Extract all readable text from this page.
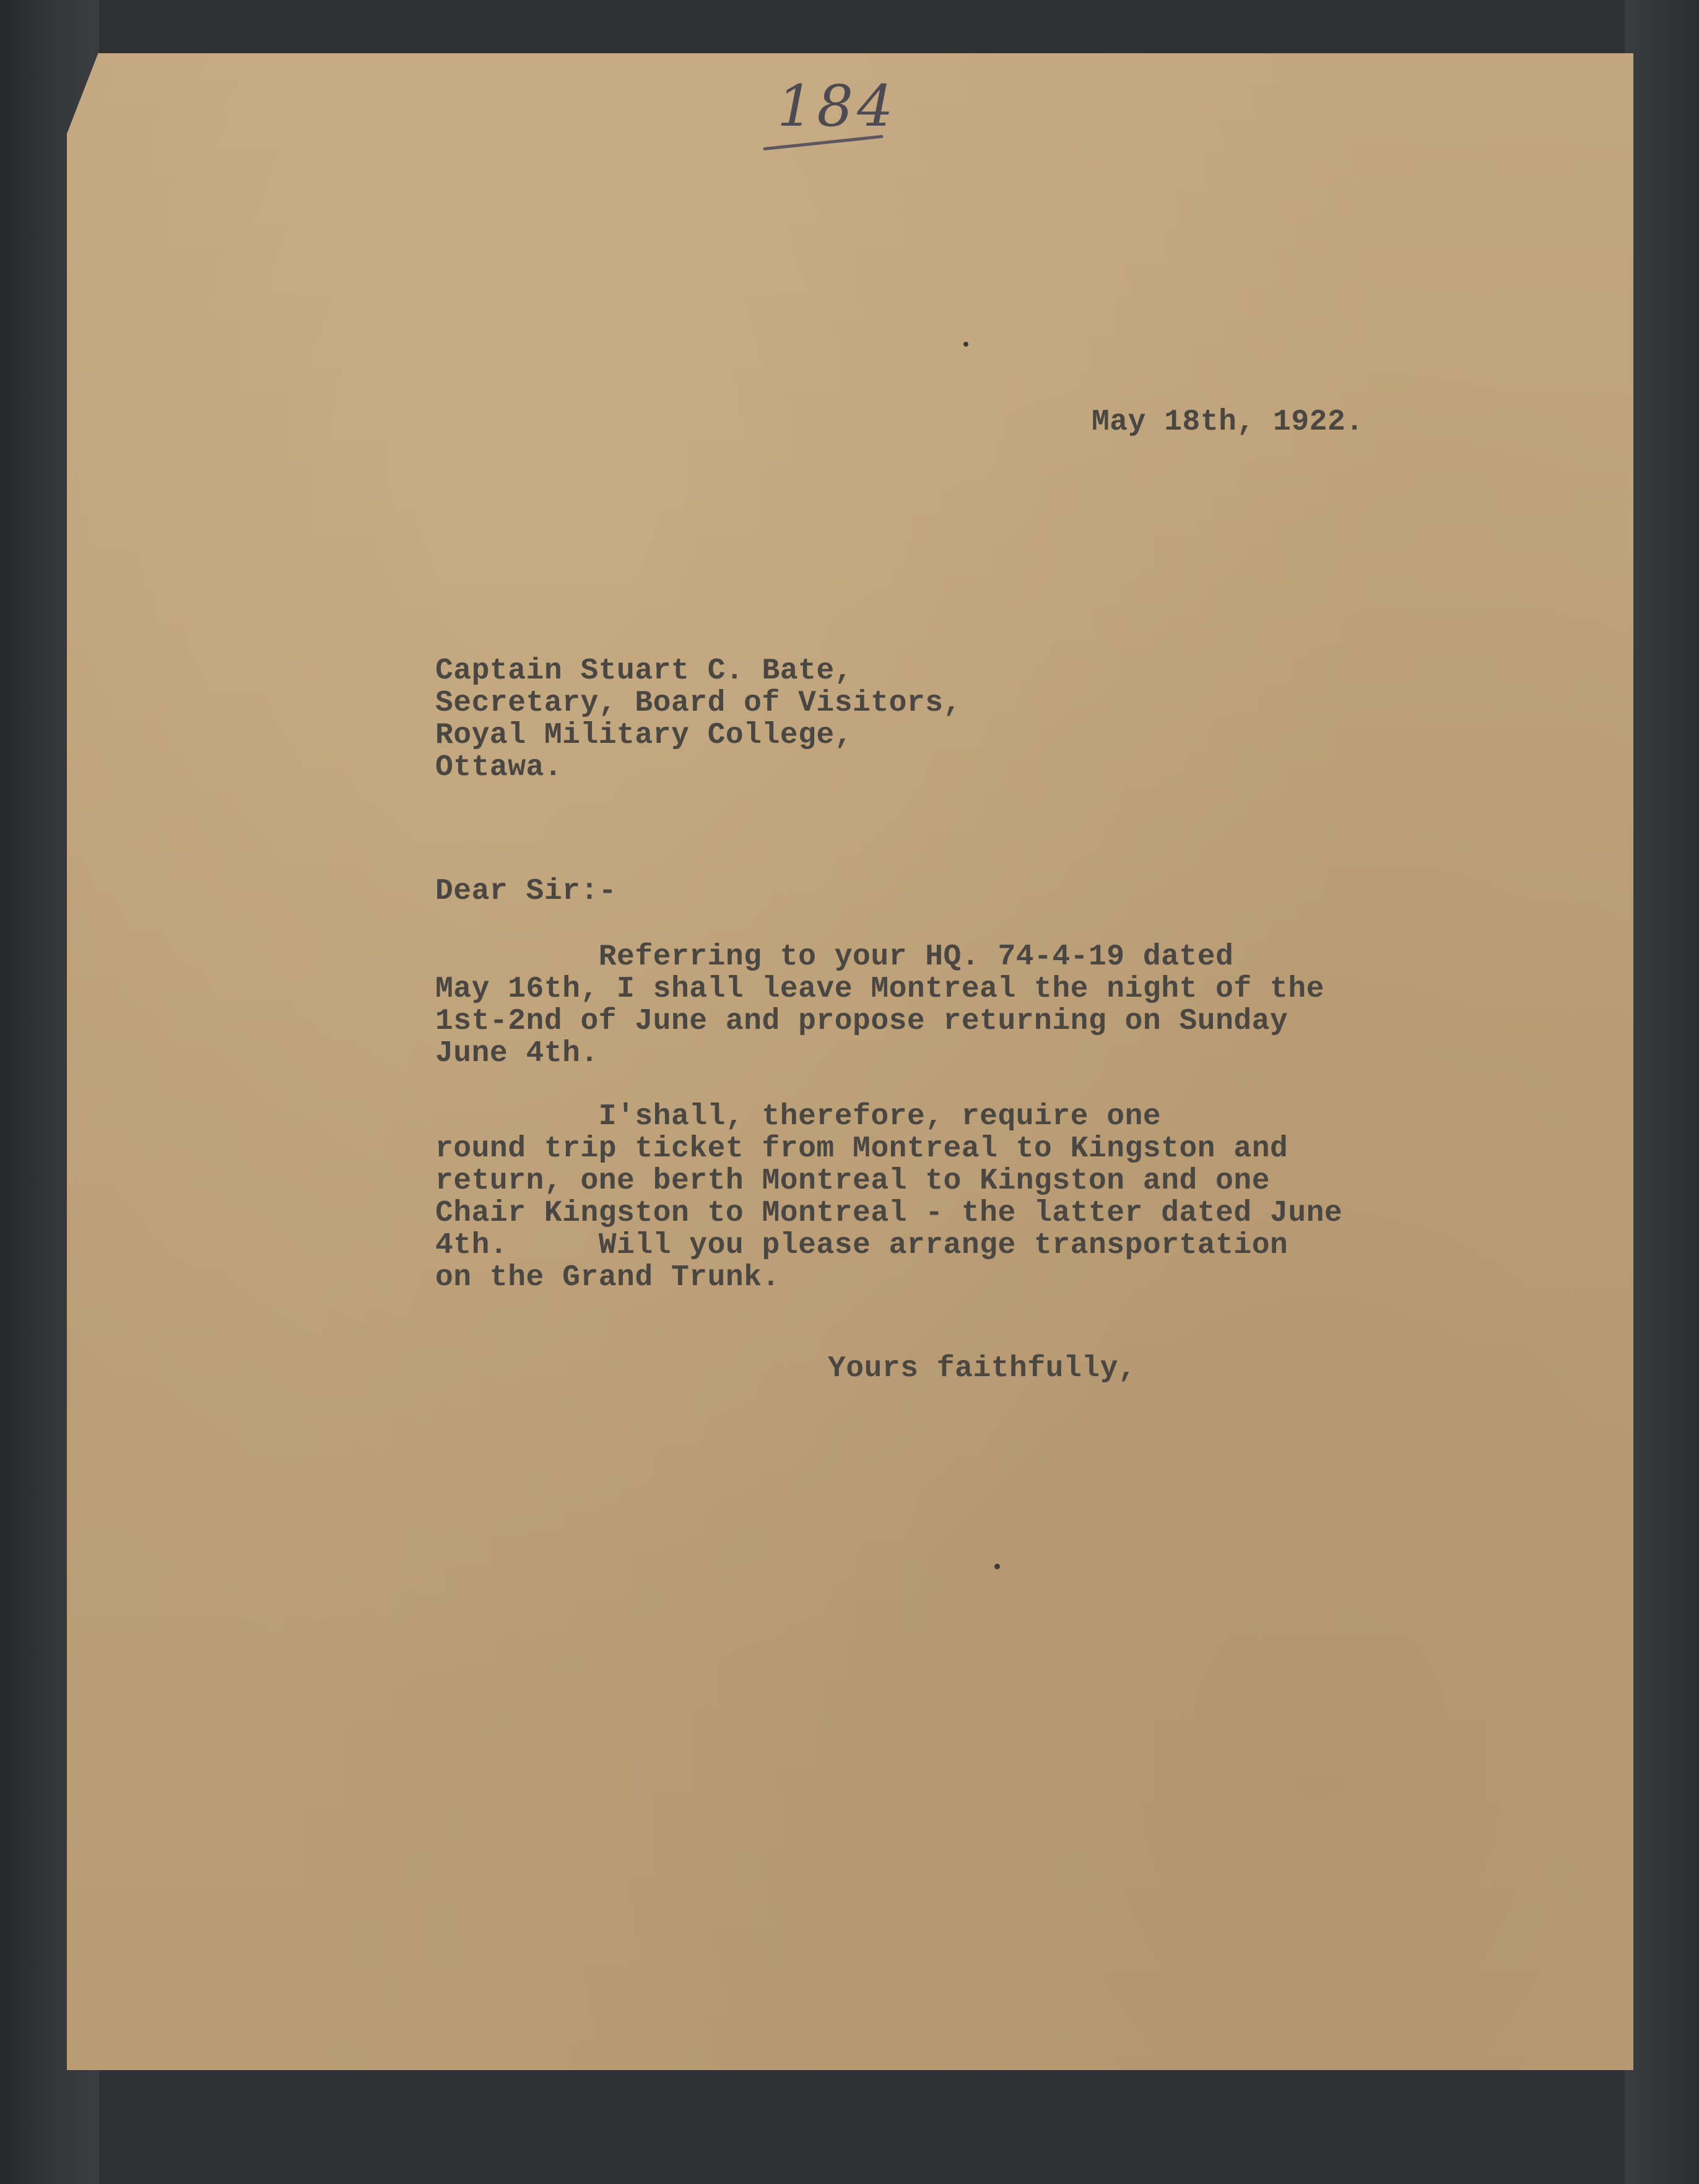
184
May 18th, 1922.
Captain Stuart C. Bate,
Secretary, Board of Visitors,
Royal Military College,
Ottawa.
Dear Sir:-
Referring to your HQ. 74-4-19 dated
May 16th, I shall leave Montreal the night of the
1st-2nd of June and propose returning on Sunday
June 4th.
I'shall, therefore, require one
round trip ticket from Montreal to Kingston and
return, one berth Montreal to Kingston and one
Chair Kingston to Montreal - the latter dated June
4th.     Will you please arrange transportation
on the Grand Trunk.
Yours faithfully,
